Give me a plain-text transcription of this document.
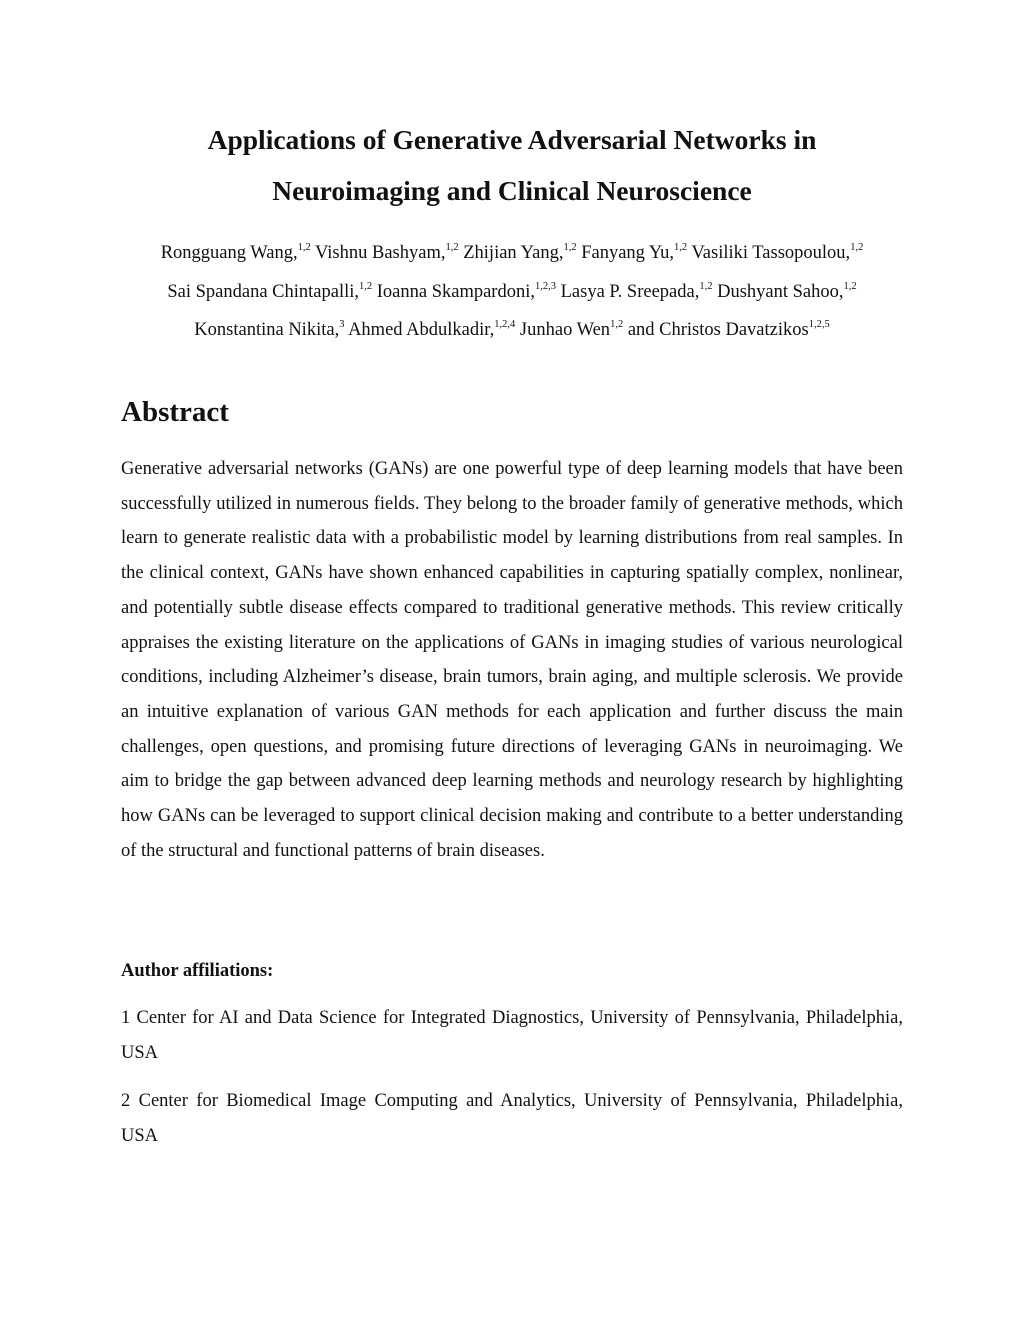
Applications of Generative Adversarial Networks in
Neuroimaging and Clinical Neuroscience
Rongguang Wang,$^{1,2}$ Vishnu Bashyam,$^{1,2}$ Zhijian Yang,$^{1,2}$ Fanyang Yu,$^{1,2}$ Vasiliki Tassopoulou,$^{1,2}$
Sai Spandana Chintapalli,$^{1,2}$ Ioanna Skampardoni,$^{1,2,3}$ Lasya P. Sreepada,$^{1,2}$ Dushyant Sahoo,$^{1,2}$
Konstantina Nikita,$^3$ Ahmed Abdulkadir,$^{1,2,4}$ Junhao Wen$^{1,2}$ and Christos Davatzikos$^{1,2,5}$
Abstract

Generative adversarial networks (GANs) are one powerful type of deep learning models that have been successfully utilized in numerous fields. They belong to the broader family of generative methods, which learn to generate realistic data with a probabilistic model by learning distributions from real samples. In the clinical context, GANs have shown enhanced capabilities in capturing spatially complex, nonlinear, and potentially subtle disease effects compared to traditional generative methods. This review critically appraises the existing literature on the applications of GANs in imaging studies of various neurological conditions, including Alzheimer’s disease, brain tumors, brain aging, and multiple sclerosis. We provide an intuitive explanation of various GAN methods for each application and further discuss the main challenges, open questions, and promising future directions of leveraging GANs in neuroimaging. We aim to bridge the gap between advanced deep learning methods and neurology research by highlighting how GANs can be leveraged to support clinical decision making and contribute to a better understanding of the structural and functional patterns of brain diseases.

Author affiliations:

1 Center for AI and Data Science for Integrated Diagnostics, University of Pennsylvania, Philadelphia, USA

2 Center for Biomedical Image Computing and Analytics, University of Pennsylvania, Philadelphia, USA
